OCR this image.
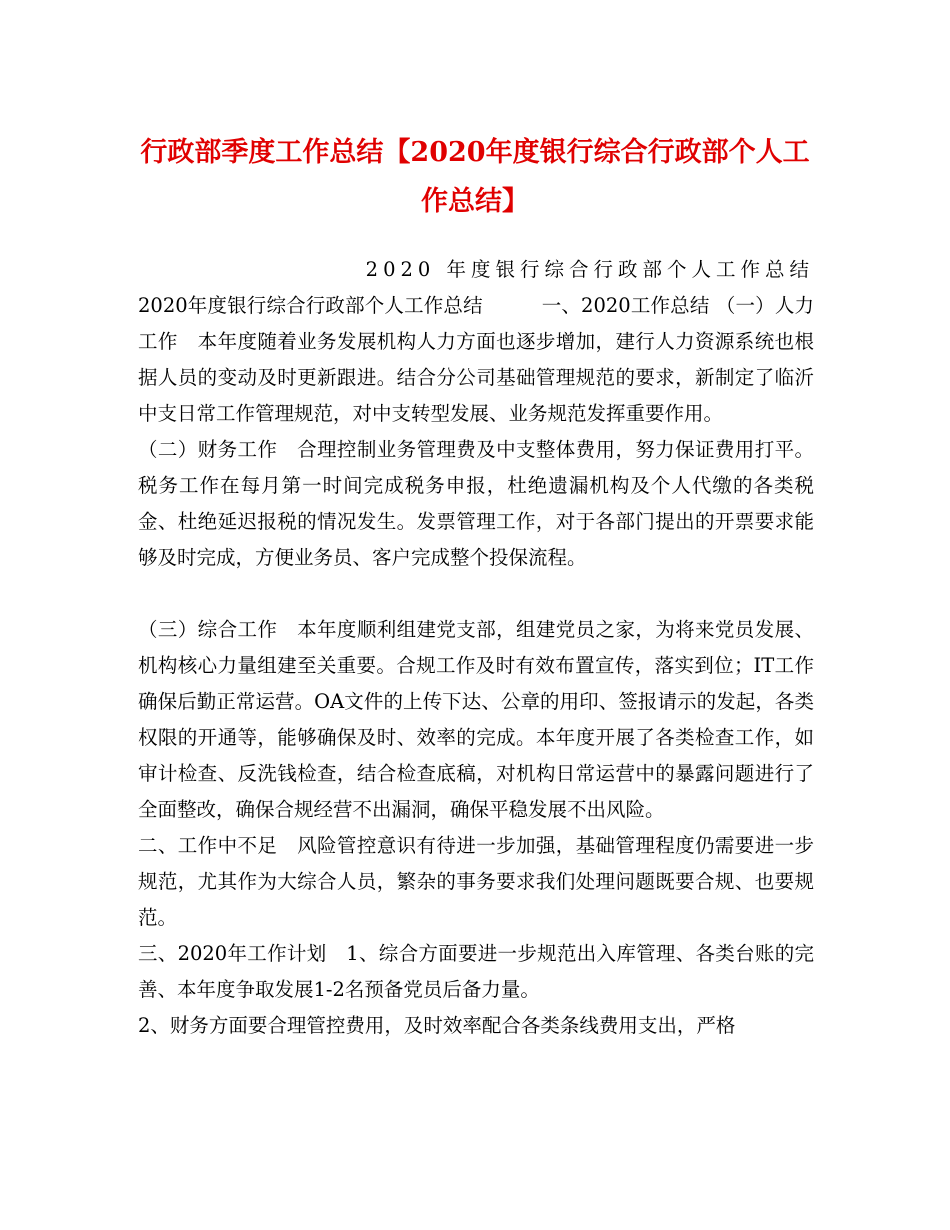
行政部季度工作总结【2020年度银行综合行政部个人工作总结】

2020 年度银行综合行政部个人工作总结

2020年度银行综合行政部个人工作总结　　　一、2020工作总结 （一）人力工作　本年度随着业务发展机构人力方面也逐步增加，建行人力资源系统也根据人员的变动及时更新跟进。结合分公司基础管理规范的要求，新制定了临沂中支日常工作管理规范，对中支转型发展、业务规范发挥重要作用。

（二）财务工作　合理控制业务管理费及中支整体费用，努力保证费用打平。税务工作在每月第一时间完成税务申报，杜绝遗漏机构及个人代缴的各类税金、杜绝延迟报税的情况发生。发票管理工作，对于各部门提出的开票要求能够及时完成，方便业务员、客户完成整个投保流程。

（三）综合工作　本年度顺利组建党支部，组建党员之家，为将来党员发展、机构核心力量组建至关重要。合规工作及时有效布置宣传，落实到位；IT工作确保后勤正常运营。OA文件的上传下达、公章的用印、签报请示的发起，各类权限的开通等，能够确保及时、效率的完成。本年度开展了各类检查工作，如审计检查、反洗钱检查，结合检查底稿，对机构日常运营中的暴露问题进行了全面整改，确保合规经营不出漏洞，确保平稳发展不出风险。

二、工作中不足　风险管控意识有待进一步加强，基础管理程度仍需要进一步规范，尤其作为大综合人员，繁杂的事务要求我们处理问题既要合规、也要规范。

三、2020年工作计划　1、综合方面要进一步规范出入库管理、各类台账的完善、本年度争取发展1-2名预备党员后备力量。

2、财务方面要合理管控费用，及时效率配合各类条线费用支出，严格
